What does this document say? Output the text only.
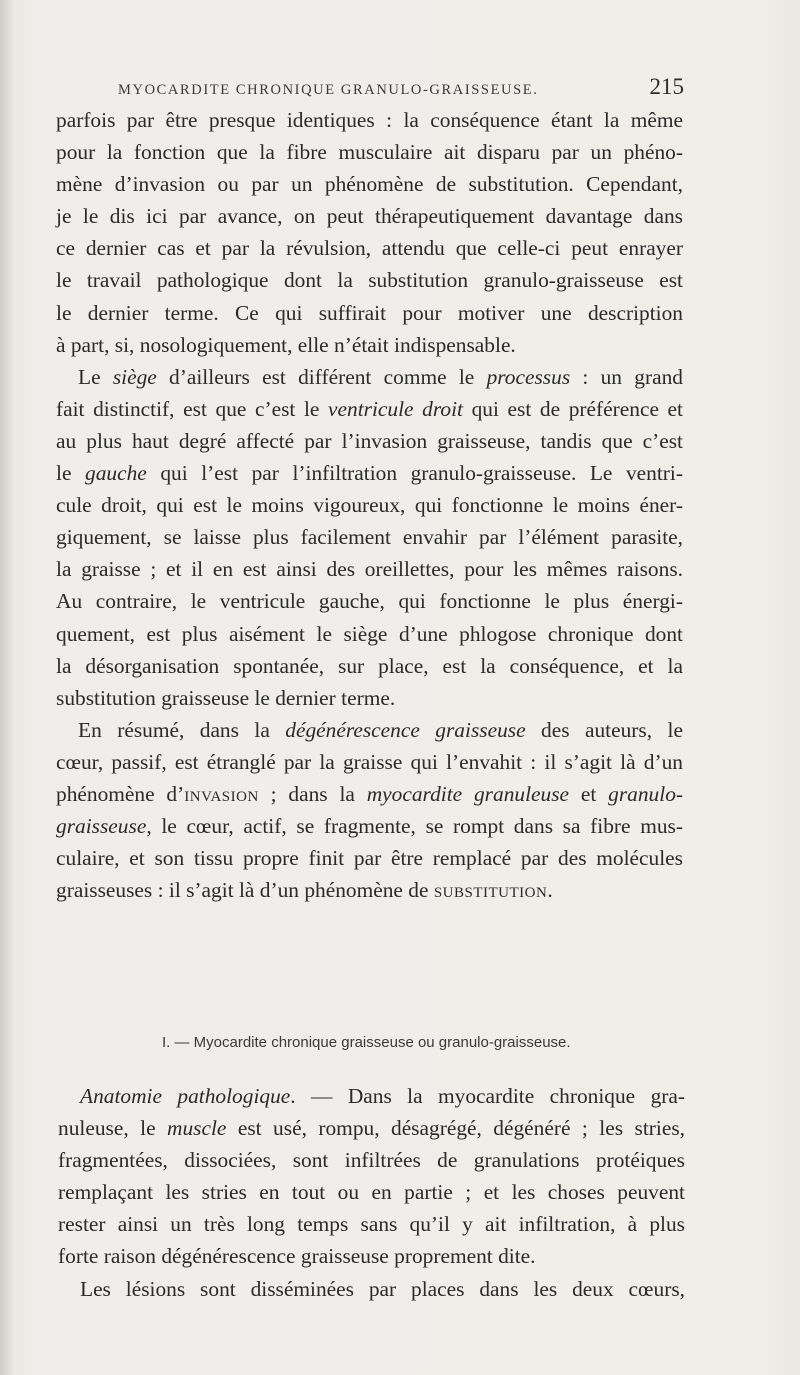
MYOCARDITE CHRONIQUE GRANULO-GRAISSEUSE.	215
parfois par être presque identiques : la conséquence étant la même
pour la fonction que la fibre musculaire ait disparu par un phéno-
mène d’invasion ou par un phénomène de substitution. Cependant,
je le dis ici par avance, on peut thérapeutiquement davantage dans
ce dernier cas et par la révulsion, attendu que celle-ci peut enrayer
le travail pathologique dont la substitution granulo-graisseuse est
le dernier terme. Ce qui suffirait pour motiver une description
à part, si, nosologiquement, elle n’était indispensable.
Le siège d’ailleurs est différent comme le processus : un grand
fait distinctif, est que c’est le ventricule droit qui est de préférence et
au plus haut degré affecté par l’invasion graisseuse, tandis que c’est
le gauche qui l’est par l’infiltration granulo-graisseuse. Le ventri-
cule droit, qui est le moins vigoureux, qui fonctionne le moins éner-
giquement, se laisse plus facilement envahir par l’élément parasite,
la graisse ; et il en est ainsi des oreillettes, pour les mêmes raisons.
Au contraire, le ventricule gauche, qui fonctionne le plus énergi-
quement, est plus aisément le siège d’une phlogose chronique dont
la désorganisation spontanée, sur place, est la conséquence, et la
substitution graisseuse le dernier terme.
En résumé, dans la dégénérescence graisseuse des auteurs, le
cœur, passif, est étranglé par la graisse qui l’envahit : il s’agit là d’un
phénomène d’invasion ; dans la myocardite granuleuse et granulo-
graisseuse, le cœur, actif, se fragmente, se rompt dans sa fibre mus-
culaire, et son tissu propre finit par être remplacé par des molécules
graisseuses : il s’agit là d’un phénomène de substitution.
I. — Myocardite chronique graisseuse ou granulo-graisseuse.
Anatomie pathologique. — Dans la myocardite chronique gra-
nuleuse, le muscle est usé, rompu, désagrégé, dégénéré ; les stries,
fragmentées, dissociées, sont infiltrées de granulations protéiques
remplaçant les stries en tout ou en partie ; et les choses peuvent
rester ainsi un très long temps sans qu’il y ait infiltration, à plus
forte raison dégénérescence graisseuse proprement dite.
Les lésions sont disséminées par places dans les deux cœurs,
